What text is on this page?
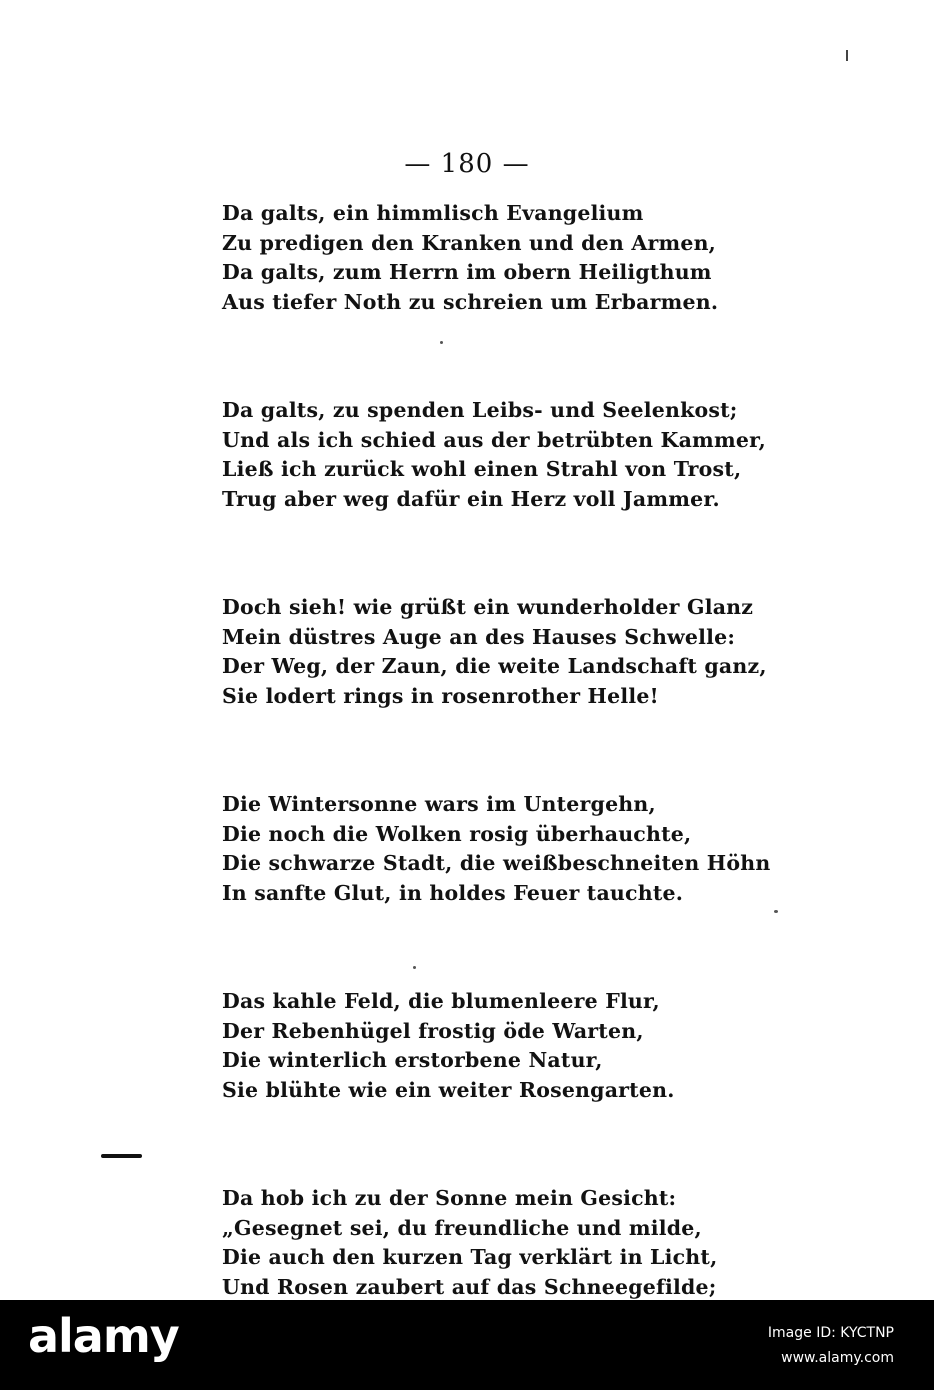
— 180 —
Da galts, ein himmlisch Evangelium
Zu predigen den Kranken und den Armen,
Da galts, zum Herrn im obern Heiligthum
Aus tiefer Noth zu schreien um Erbarmen.
Da galts, zu spenden Leibs- und Seelenkost;
Und als ich schied aus der betrübten Kammer,
Ließ ich zurück wohl einen Strahl von Trost,
Trug aber weg dafür ein Herz voll Jammer.
Doch sieh! wie grüßt ein wunderholder Glanz
Mein düstres Auge an des Hauses Schwelle:
Der Weg, der Zaun, die weite Landschaft ganz,
Sie lodert rings in rosenrother Helle!
Die Wintersonne wars im Untergehn,
Die noch die Wolken rosig überhauchte,
Die schwarze Stadt, die weißbeschneiten Höhn
In sanfte Glut, in holdes Feuer tauchte.
Das kahle Feld, die blumenleere Flur,
Der Rebenhügel frostig öde Warten,
Die winterlich erstorbene Natur,
Sie blühte wie ein weiter Rosengarten.
Da hob ich zu der Sonne mein Gesicht:
„Gesegnet sei, du freundliche und milde,
Die auch den kurzen Tag verklärt in Licht,
Und Rosen zaubert auf das Schneegefilde;
alamy	Image ID: KYCTNP
www.alamy.com
